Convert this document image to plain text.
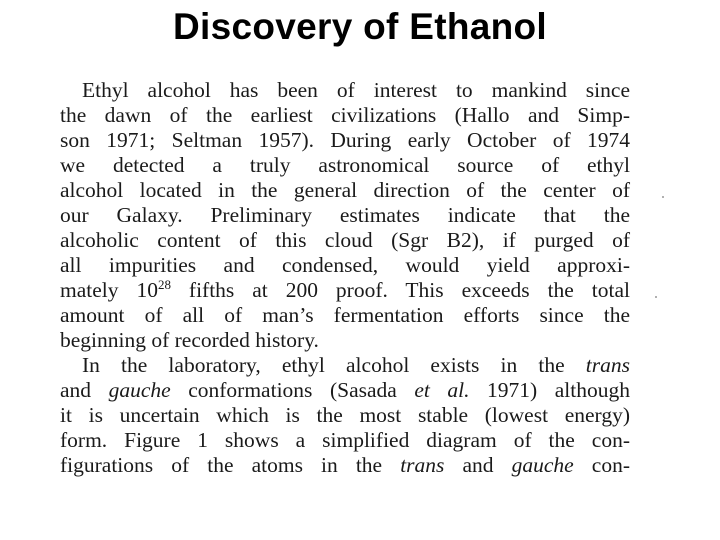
Discovery of Ethanol
Ethyl alcohol has been of interest to mankind since
the dawn of the earliest civilizations (Hallo and Simp-
son 1971; Seltman 1957). During early October of 1974
we detected a truly astronomical source of ethyl
alcohol located in the general direction of the center of
our Galaxy. Preliminary estimates indicate that the
alcoholic content of this cloud (Sgr B2), if purged of
all impurities and condensed, would yield approxi-
mately $10^{28}$ fifths at 200 proof. This exceeds the total
amount of all of man’s fermentation efforts since the
beginning of recorded history.
In the laboratory, ethyl alcohol exists in the trans
and gauche conformations (Sasada et al. 1971) although
it is uncertain which is the most stable (lowest energy)
form. Figure 1 shows a simplified diagram of the con-
figurations of the atoms in the trans and gauche con-
